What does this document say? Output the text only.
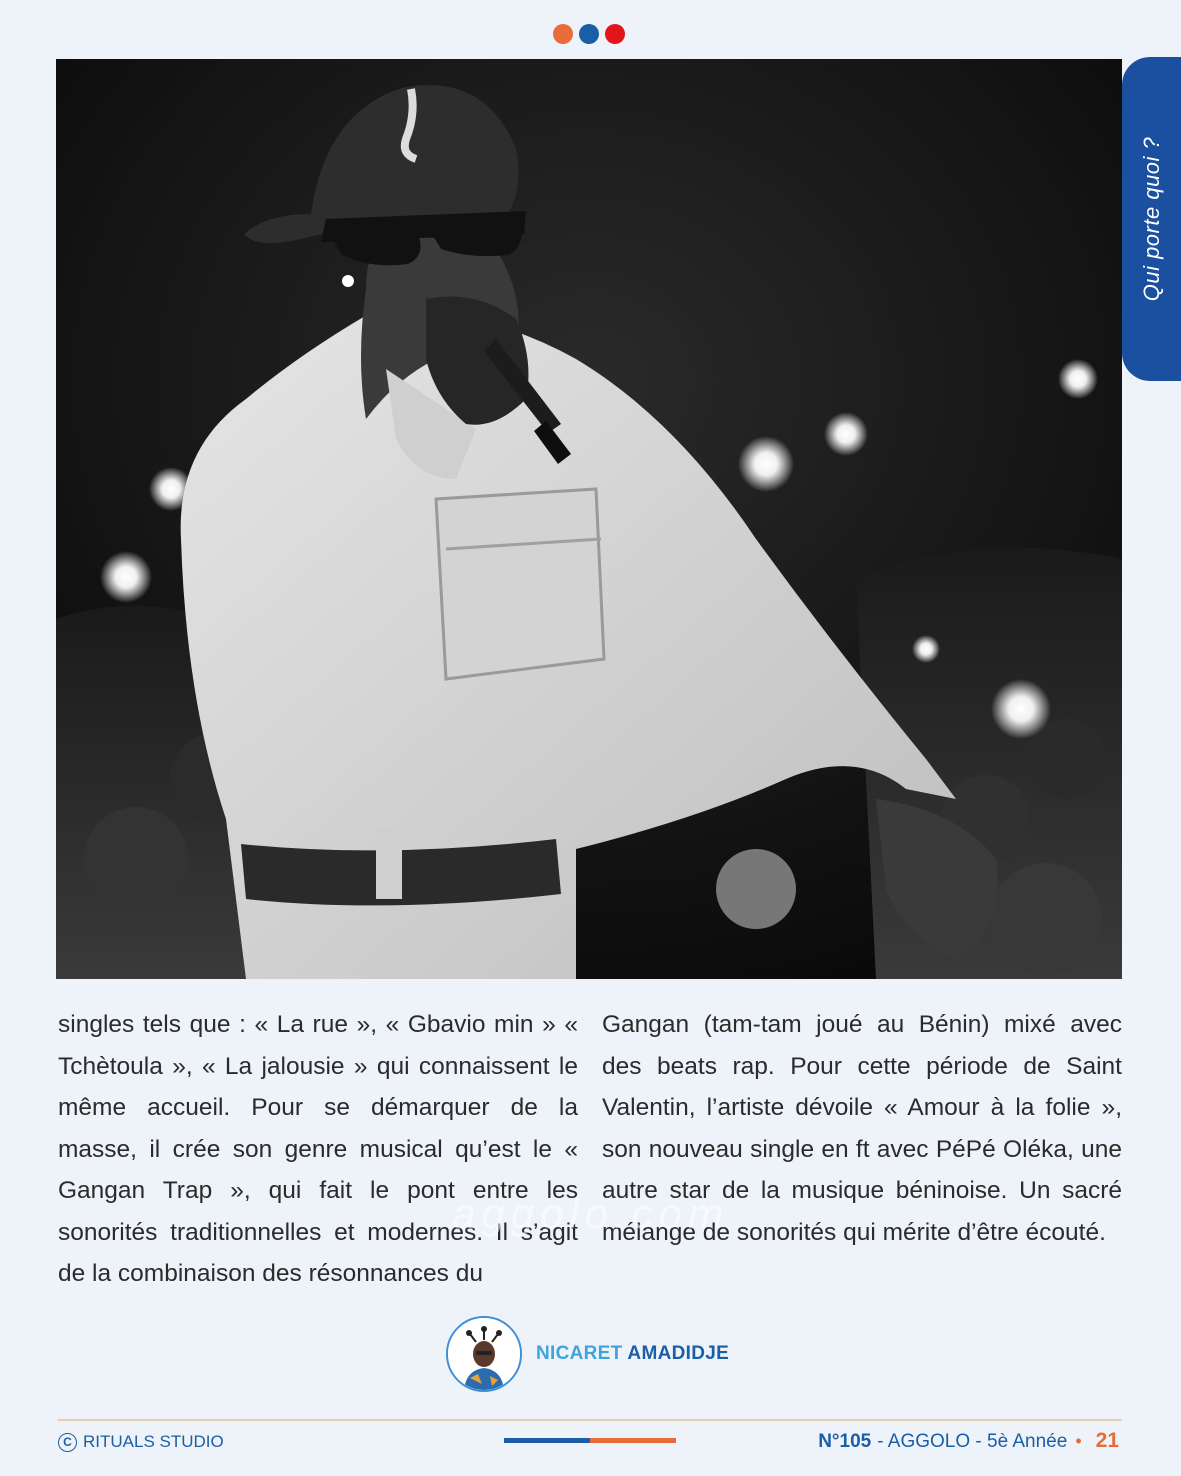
Qui porte quoi ?

singles tels que : « La rue », « Gbavio min » « Tchètoula », « La jalousie » qui connaissent le même accueil. Pour se démarquer de la masse, il crée son genre musical qu’est le « Gangan Trap », qui fait le pont entre les sonorités traditionnelles et modernes. Il s’agit de la combinaison des résonnances du

Gangan (tam-tam joué au Bénin) mixé avec des beats rap. Pour cette période de Saint Valentin, l’artiste dévoile « Amour à la folie », son nouveau single en ft avec PéPé Oléka, une autre star de la musique béninoise. Un sacré mélange de sonorités qui mérite d’être écouté.

aggolo.com
NICARET AMADIDJE
C RITUALS STUDIO	N°105 - AGGOLO - 5è Année • 21
